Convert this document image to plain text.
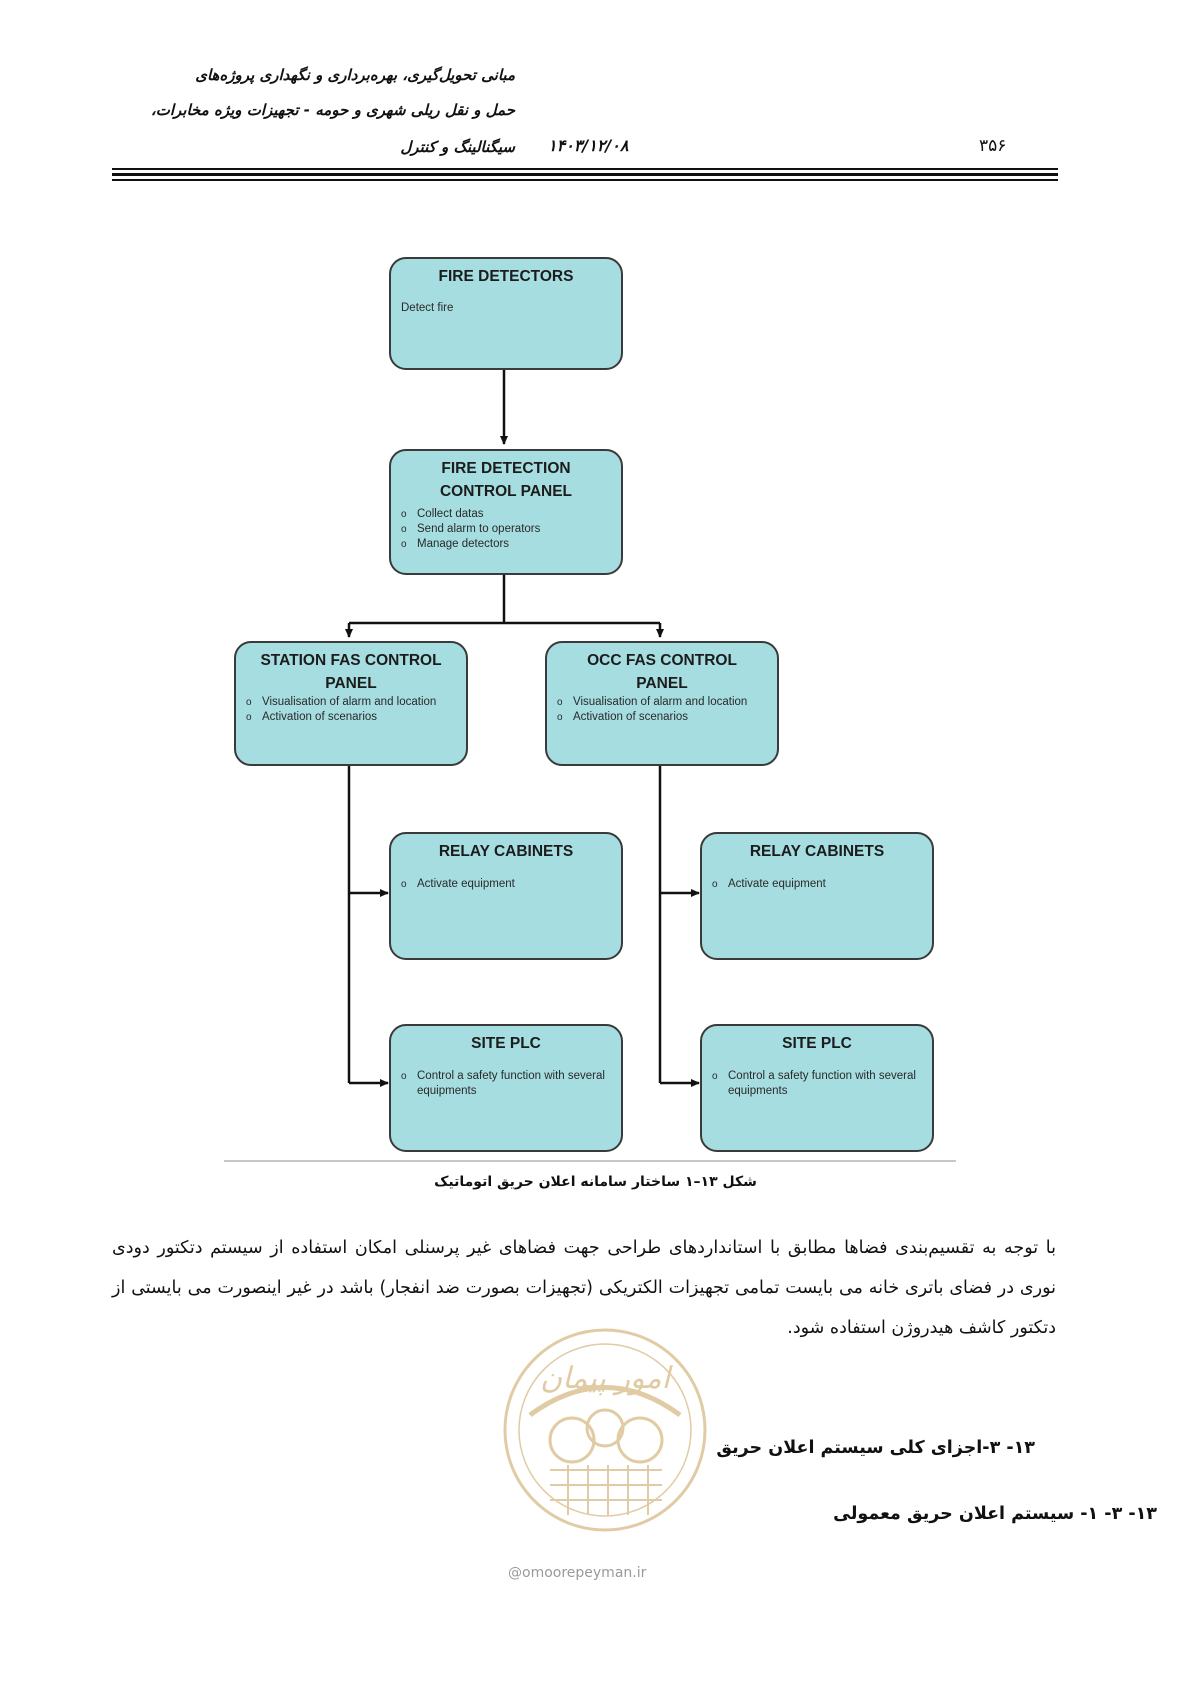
مبانی تحویل‌گیری، بهره‌برداری و نگهداری پروژه‌های
حمل و نقل ریلی شهری و حومه - تجهیزات ویژه مخابرات،
سیگنالینگ و کنترل ۱۴۰۳/۱۲/۰۸	۳۵۶
FIRE DETECTORS
Detect fire
FIRE DETECTION
CONTROL PANEL
o Collect datas
o Send alarm to operators
o Manage detectors
STATION FAS CONTROL
PANEL
o Visualisation of alarm and location
o Activation of scenarios
OCC FAS CONTROL
PANEL
o Visualisation of alarm and location
o Activation of scenarios
RELAY CABINETS
o Activate equipment
RELAY CABINETS
o Activate equipment
SITE PLC
o Control a safety function with several equipments
SITE PLC
o Control a safety function with several equipments
شکل ۱۳–۱ ساختار سامانه اعلان حریق اتوماتیک
امور پیمان
@omoorepeyman.ir
با توجه به تقسیم‌بندی فضاها مطابق با استانداردهای طراحی جهت فضاهای غیر پرسنلی امکان استفاده از سیستم دتکتور دودی نوری در فضای باتری خانه می بایست تمامی تجهیزات الکتریکی (تجهیزات بصورت ضد انفجار) باشد در غیر اینصورت می بایستی از دتکتور کاشف هیدروژن استفاده شود.
۱۳- ۳-اجزای کلی سیستم اعلان حریق
۱۳- ۳- ۱- سیستم اعلان حریق معمولی
